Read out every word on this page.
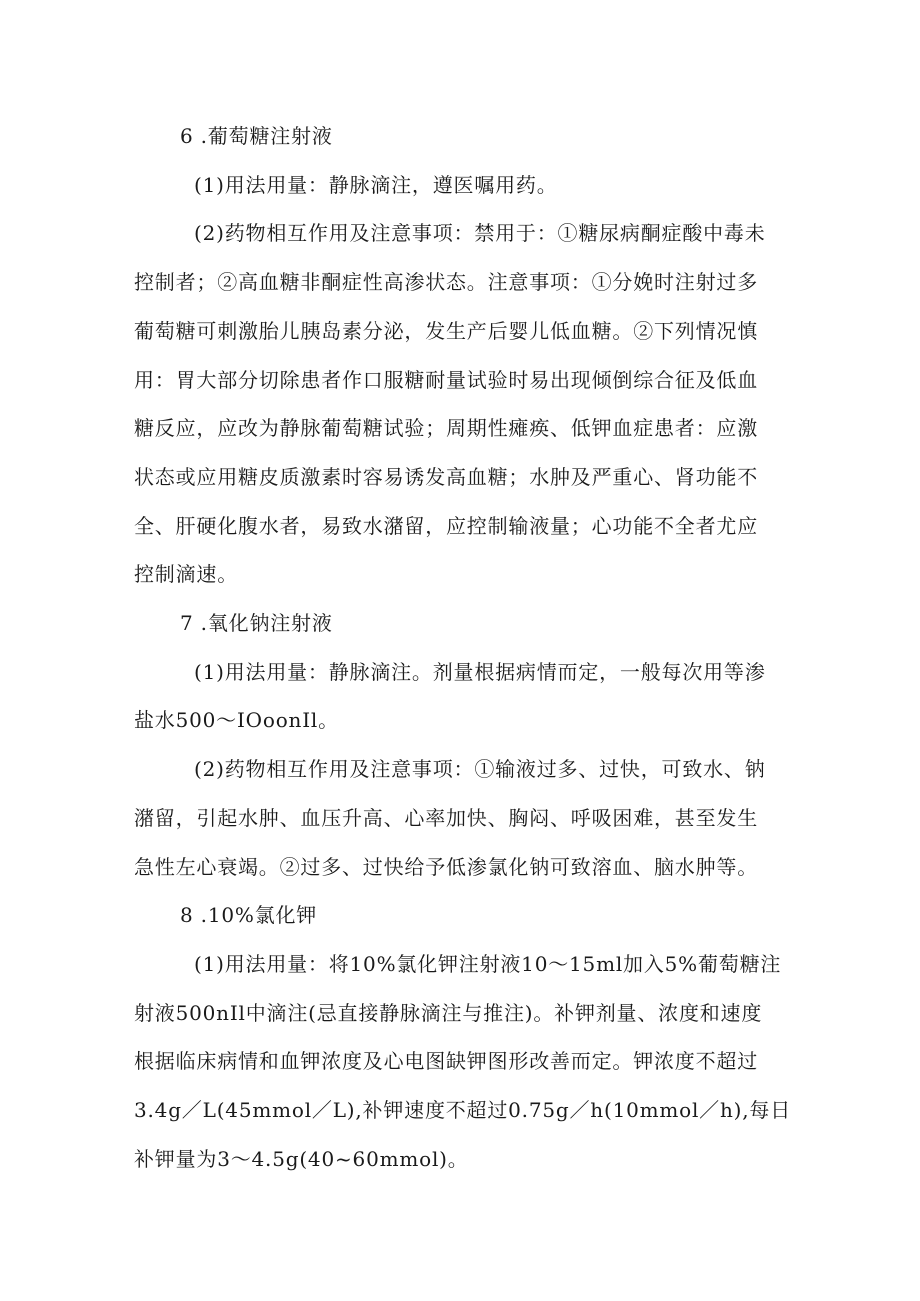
6 .葡萄糖注射液
(1)用法用量：静脉滴注，遵医嘱用药。
(2)药物相互作用及注意事项：禁用于：①糖尿病酮症酸中毒未
控制者；②高血糖非酮症性高渗状态。注意事项：①分娩时注射过多
葡萄糖可刺激胎儿胰岛素分泌，发生产后婴儿低血糖。②下列情况慎
用：胃大部分切除患者作口服糖耐量试验时易出现倾倒综合征及低血
糖反应，应改为静脉葡萄糖试验；周期性瘫痪、低钾血症患者：应激
状态或应用糖皮质激素时容易诱发高血糖；水肿及严重心、肾功能不
全、肝硬化腹水者，易致水潴留，应控制输液量；心功能不全者尤应
控制滴速。
7 .氧化钠注射液
(1)用法用量：静脉滴注。剂量根据病情而定，一般每次用等渗
盐水500～IOoonIl。
(2)药物相互作用及注意事项：①输液过多、过快，可致水、钠
潴留，引起水肿、血压升高、心率加快、胸闷、呼吸困难，甚至发生
急性左心衰竭。②过多、过快给予低渗氯化钠可致溶血、脑水肿等。
8 .10%氯化钾
(1)用法用量：将10%氯化钾注射液10～15ml加入5%葡萄糖注
射液500nIl中滴注(忌直接静脉滴注与推注)。补钾剂量、浓度和速度
根据临床病情和血钾浓度及心电图缺钾图形改善而定。钾浓度不超过
3.4g／L(45mmol／L),补钾速度不超过0.75g／h(10mmol／h),每日
补钾量为3～4.5g(40~60mmol)。
